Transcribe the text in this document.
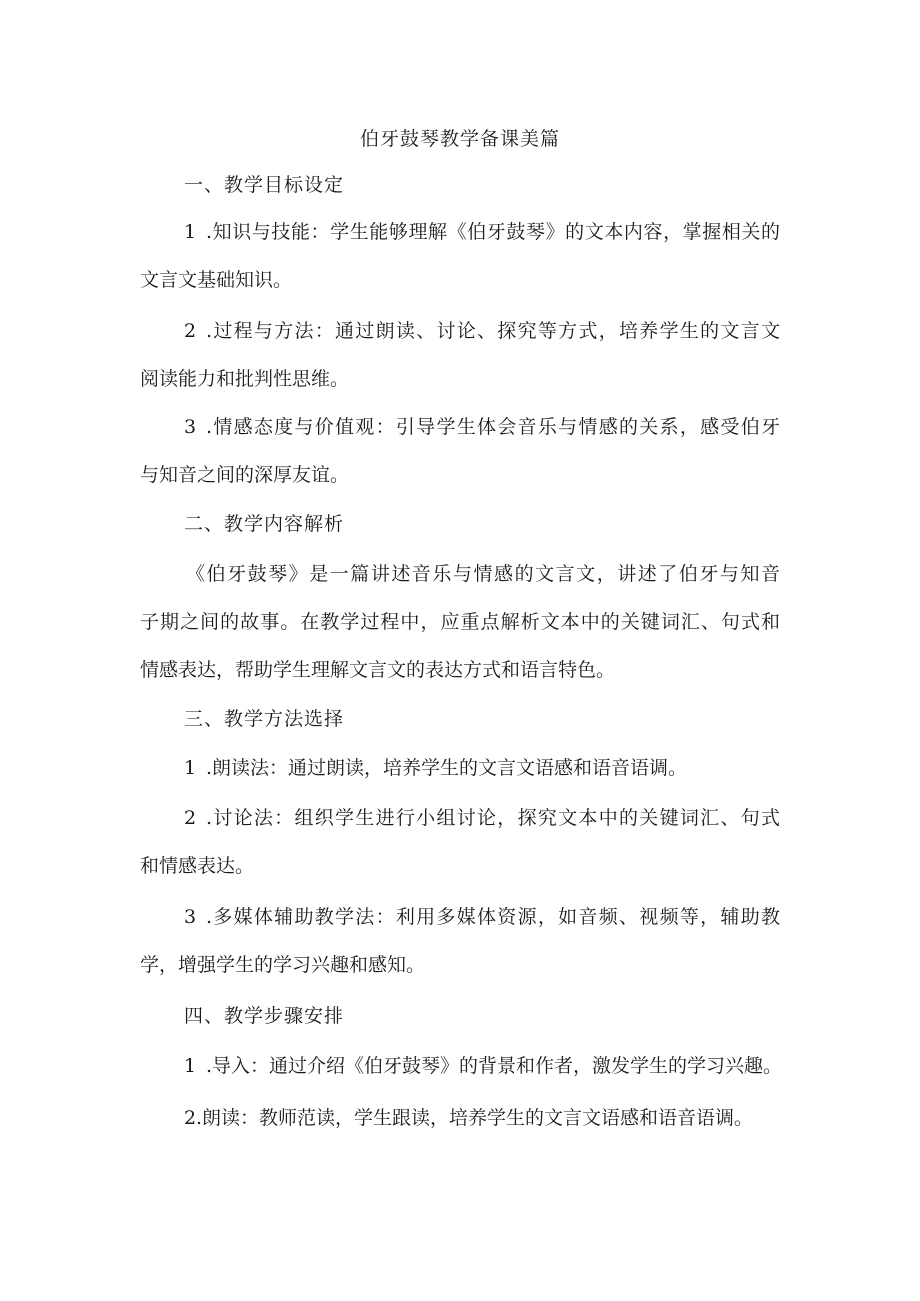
伯牙鼓琴教学备课美篇
一、教学目标设定
1 .知识与技能：学生能够理解《伯牙鼓琴》的文本内容，掌握相关的
文言文基础知识。
2 .过程与方法：通过朗读、讨论、探究等方式，培养学生的文言文
阅读能力和批判性思维。
3 .情感态度与价值观：引导学生体会音乐与情感的关系，感受伯牙
与知音之间的深厚友谊。
二、教学内容解析
《伯牙鼓琴》是一篇讲述音乐与情感的文言文，讲述了伯牙与知音
子期之间的故事。在教学过程中，应重点解析文本中的关键词汇、句式和
情感表达，帮助学生理解文言文的表达方式和语言特色。
三、教学方法选择
1 .朗读法：通过朗读，培养学生的文言文语感和语音语调。
2 .讨论法：组织学生进行小组讨论，探究文本中的关键词汇、句式
和情感表达。
3 .多媒体辅助教学法：利用多媒体资源，如音频、视频等，辅助教
学，增强学生的学习兴趣和感知。
四、教学步骤安排
1 .导入：通过介绍《伯牙鼓琴》的背景和作者，激发学生的学习兴趣。
2.朗读：教师范读，学生跟读，培养学生的文言文语感和语音语调。
